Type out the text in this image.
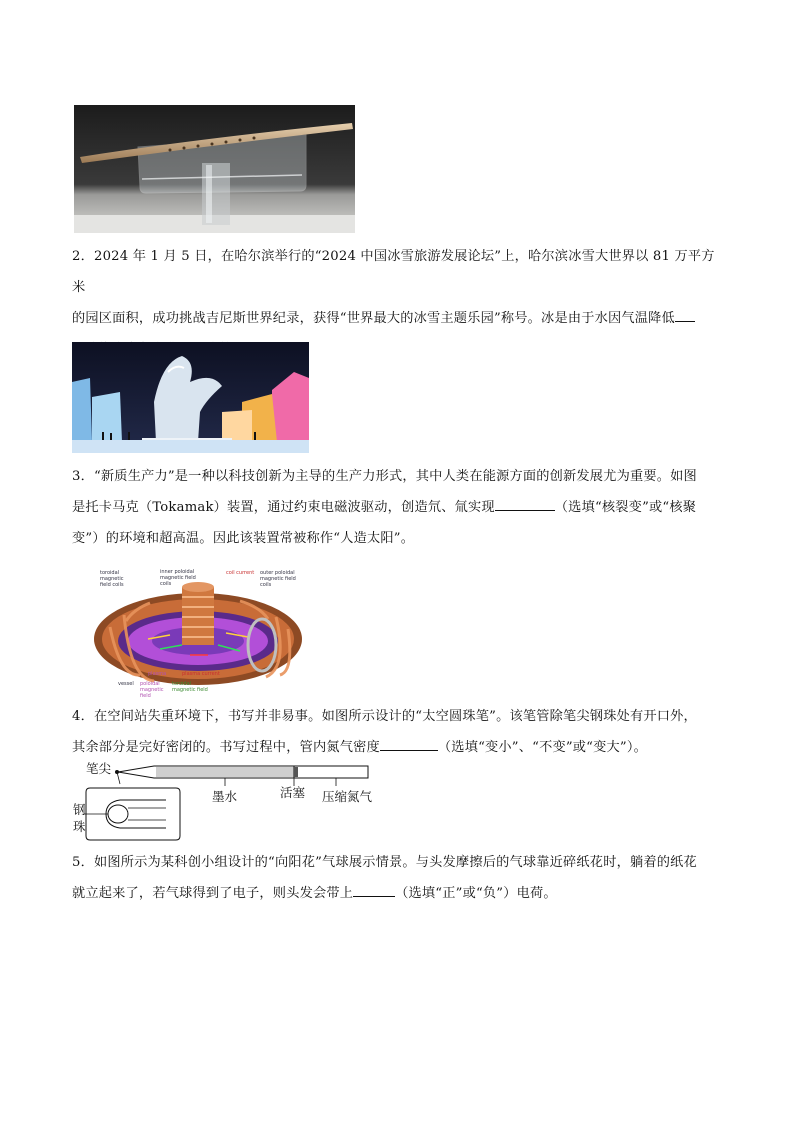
2．2024 年 1 月 5 日，在哈尔滨举行的“2024 中国冰雪旅游发展论坛”上，哈尔滨冰雪大世界以 81 万平方米
的园区面积，成功挑战吉尼斯世界纪录，获得“世界最大的冰雪主题乐园”称号。冰是由于水因气温降低
3．“新质生产力”是一种以科技创新为主导的生产力形式，其中人类在能源方面的创新发展尤为重要。如图
是托卡马克（Tokamak）装置，通过约束电磁波驱动，创造氘、氚实现	（选填“核裂变”或“核聚
变”）的环境和超高温。因此该装置常被称作“人造太阳”。
toroidal magnetic field coils
inner poloidal magnetic field coils
coil current	outer poloidal magnetic field coils
vessel
plasma
poloidal magnetic field
plasma current
toroidal magnetic field
4．在空间站失重环境下，书写并非易事。如图所示设计的“太空圆珠笔”。该笔管除笔尖钢珠处有开口外，
其余部分是完好密闭的。书写过程中，管内氮气密度	（选填“变小”、“不变”或“变大”）。
笔尖
墨水	活塞 压缩氮气
钢
珠
5．如图所示为某科创小组设计的“向阳花”气球展示情景。与头发摩擦后的气球靠近碎纸花时，躺着的纸花
就立起来了，若气球得到了电子，则头发会带上	（选填“正”或“负”）电荷。
